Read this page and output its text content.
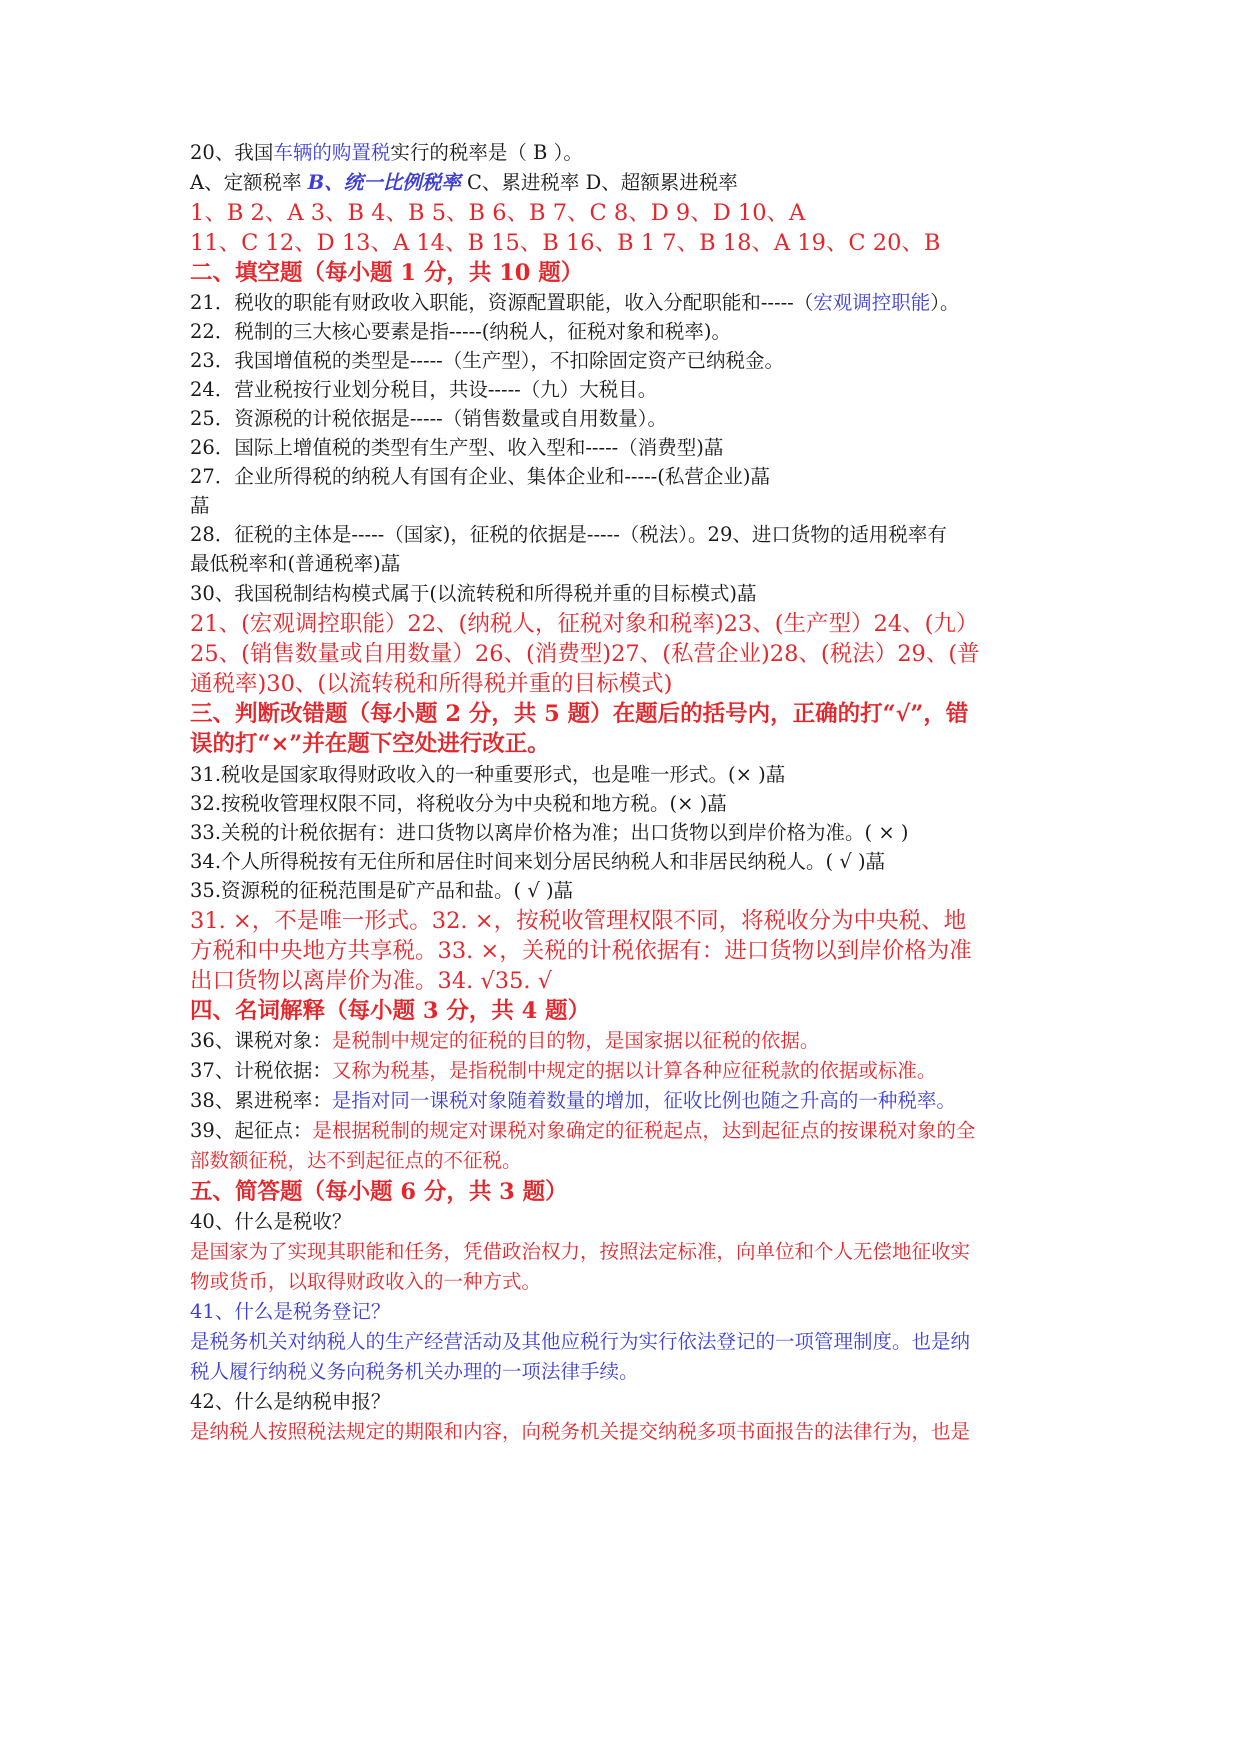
20、我国车辆的购置税实行的税率是（ B ）。
A、定额税率 B、统一比例税率 C、累进税率 D、超额累进税率
1、B 2、A 3、B 4、B 5、B 6、B 7、C 8、D 9、D 10、A
11、C 12、D 13、A 14、B 15、B 16、B 1 7、B 18、A 19、C 20、B
二、填空题（每小题 1 分，共 10 题）
21．税收的职能有财政收入职能，资源配置职能，收入分配职能和-----（宏观调控职能）。
22．税制的三大核心要素是指-----(纳税人，征税对象和税率)。
23．我国增值税的类型是-----（生产型），不扣除固定资产已纳税金。
24．营业税按行业划分税目，共设-----（九）大税目。
25．资源税的计税依据是-----（销售数量或自用数量）。
26．国际上增值税的类型有生产型、收入型和-----（消费型)蕌
27．企业所得税的纳税人有国有企业、集体企业和-----(私营企业)蕌
蕌
28．征税的主体是-----（国家)，征税的依据是-----（税法）。29、进口货物的适用税率有
最低税率和(普通税率)蕌
30、我国税制结构模式属于(以流转税和所得税并重的目标模式)蕌
21、(宏观调控职能）22、(纳税人，征税对象和税率)23、(生产型）24、(九）
25、(销售数量或自用数量）26、(消费型)27、(私营企业)28、(税法）29、(普
通税率)30、(以流转税和所得税并重的目标模式)
三、判断改错题（每小题 2 分，共 5 题）在题后的括号内，正确的打“√”，错
误的打“×”并在题下空处进行改正。
31.税收是国家取得财政收入的一种重要形式，也是唯一形式。(× )蕌
32.按税收管理权限不同，将税收分为中央税和地方税。(× )蕌
33.关税的计税依据有：进口货物以离岸价格为准；出口货物以到岸价格为准。( × )
34.个人所得税按有无住所和居住时间来划分居民纳税人和非居民纳税人。( √ )蕌
35.资源税的征税范围是矿产品和盐。( √ )蕌
31. ×，不是唯一形式。32. ×，按税收管理权限不同，将税收分为中央税、地
方税和中央地方共享税。33. ×，关税的计税依据有：进口货物以到岸价格为准
出口货物以离岸价为准。34. √35. √
四、名词解释（每小题 3 分，共 4 题）
36、课税对象：是税制中规定的征税的目的物，是国家据以征税的依据。
37、计税依据：又称为税基，是指税制中规定的据以计算各种应征税款的依据或标准。
38、累进税率：是指对同一课税对象随着数量的增加，征收比例也随之升高的一种税率。
39、起征点：是根据税制的规定对课税对象确定的征税起点，达到起征点的按课税对象的全
部数额征税，达不到起征点的不征税。
五、简答题（每小题 6 分，共 3 题）
40、什么是税收？
是国家为了实现其职能和任务，凭借政治权力，按照法定标准，向单位和个人无偿地征收实
物或货币，以取得财政收入的一种方式。
41、什么是税务登记？
是税务机关对纳税人的生产经营活动及其他应税行为实行依法登记的一项管理制度。也是纳
税人履行纳税义务向税务机关办理的一项法律手续。
42、什么是纳税申报？
是纳税人按照税法规定的期限和内容，向税务机关提交纳税多项书面报告的法律行为，也是
